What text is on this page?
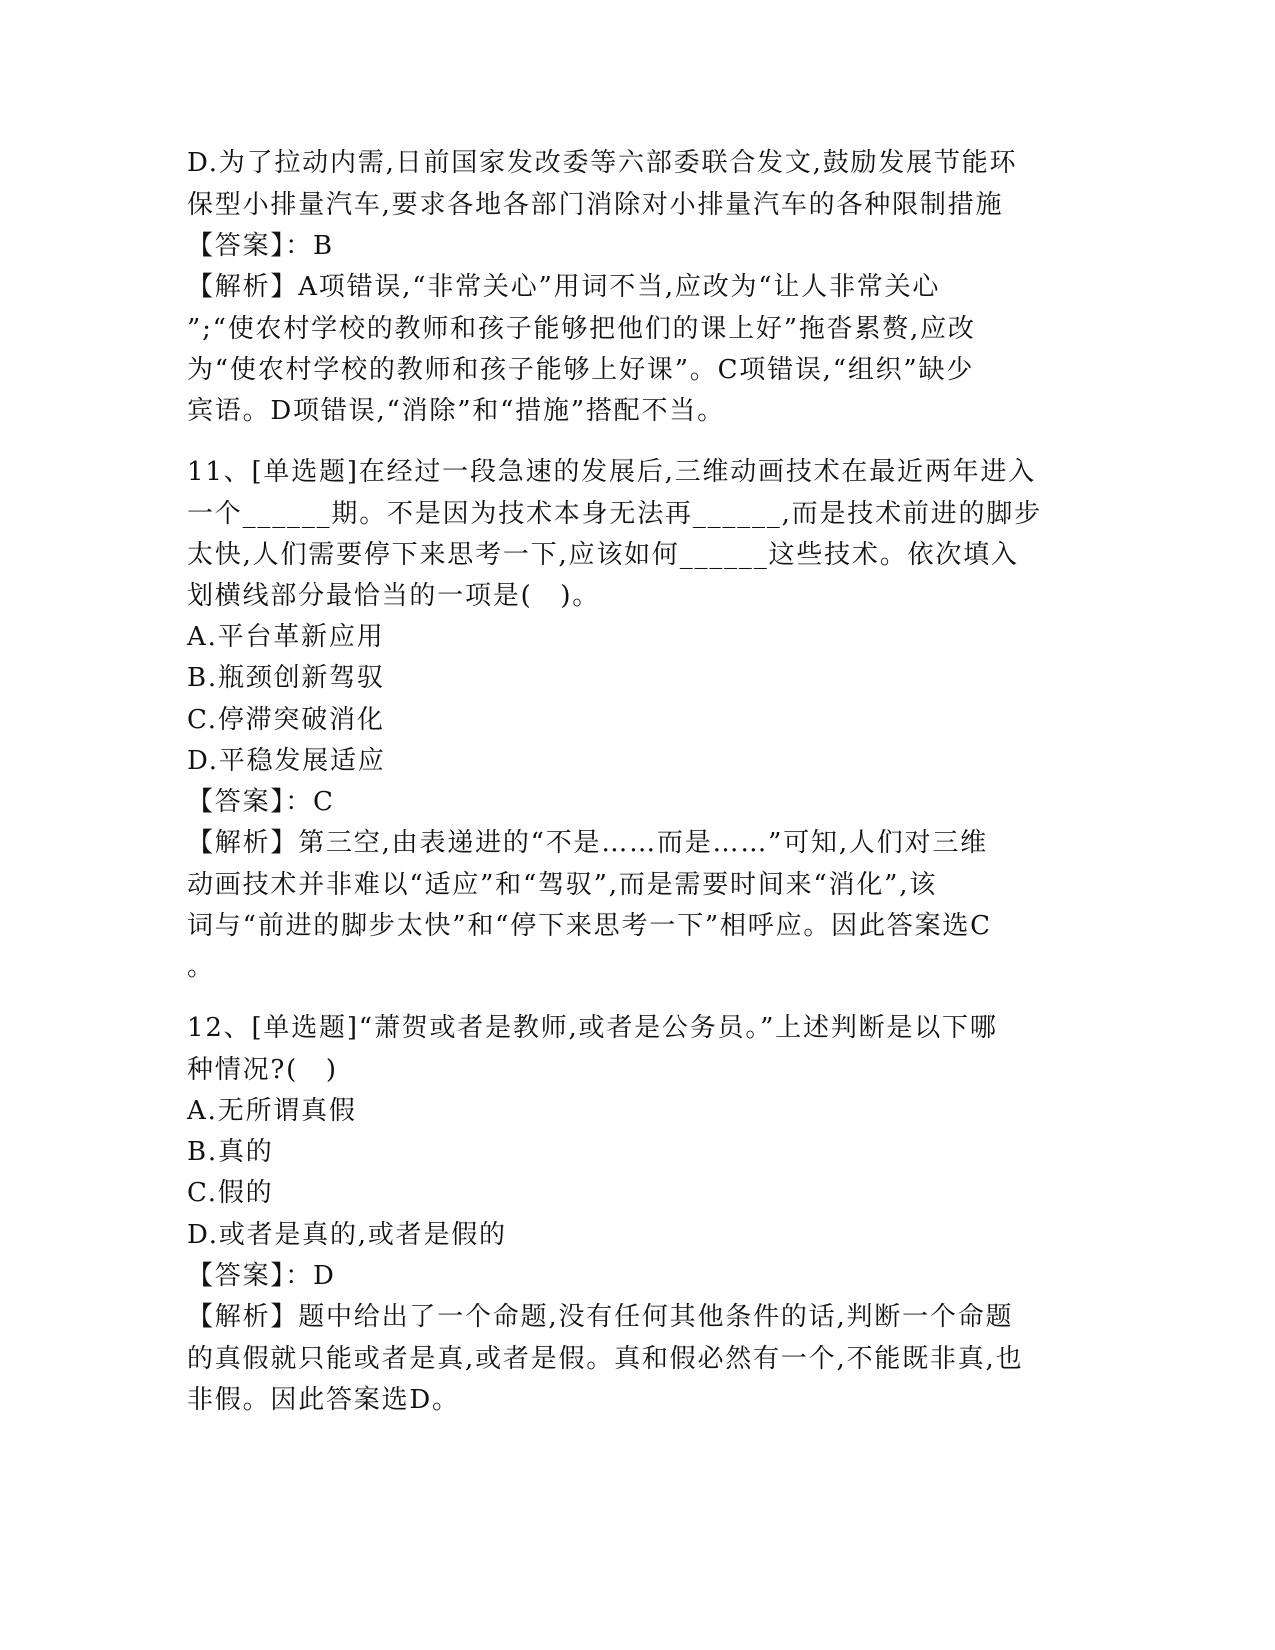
D.为了拉动内需,日前国家发改委等六部委联合发文,鼓励发展节能环
保型小排量汽车,要求各地各部门消除对小排量汽车的各种限制措施
【答案】：B
【解析】A项错误,“非常关心”用词不当,应改为“让人非常关心
”;“使农村学校的教师和孩子能够把他们的课上好”拖沓累赘,应改
为“使农村学校的教师和孩子能够上好课”。C项错误,“组织”缺少
宾语。D项错误,“消除”和“措施”搭配不当。
11、[单选题]在经过一段急速的发展后,三维动画技术在最近两年进入
一个______期。不是因为技术本身无法再______,而是技术前进的脚步
太快,人们需要停下来思考一下,应该如何______这些技术。依次填入
划横线部分最恰当的一项是(　)。
A.平台革新应用
B.瓶颈创新驾驭
C.停滞突破消化
D.平稳发展适应
【答案】：C
【解析】第三空,由表递进的“不是……而是……”可知,人们对三维
动画技术并非难以“适应”和“驾驭”,而是需要时间来“消化”,该
词与“前进的脚步太快”和“停下来思考一下”相呼应。因此答案选C
。
12、[单选题]“萧贺或者是教师,或者是公务员。”上述判断是以下哪
种情况?(　)
A.无所谓真假
B.真的
C.假的
D.或者是真的,或者是假的
【答案】：D
【解析】题中给出了一个命题,没有任何其他条件的话,判断一个命题
的真假就只能或者是真,或者是假。真和假必然有一个,不能既非真,也
非假。因此答案选D。
